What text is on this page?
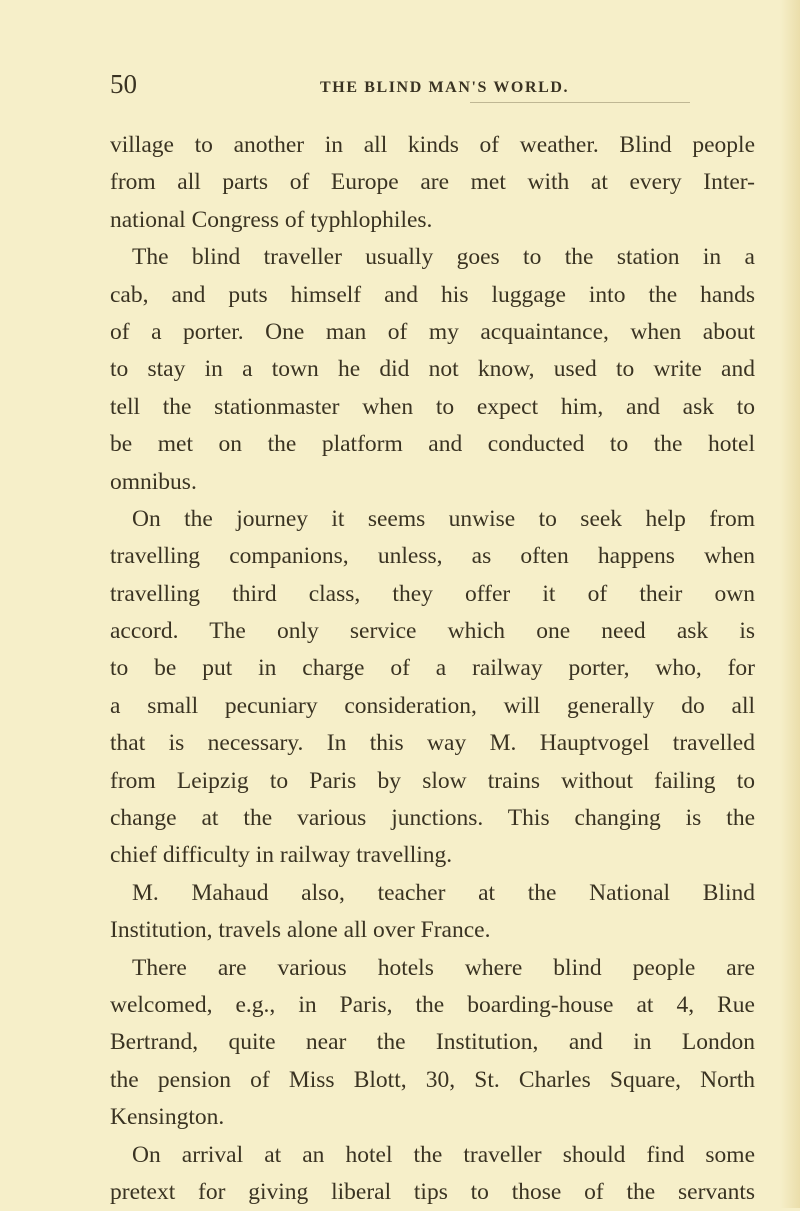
50	THE BLIND MAN'S WORLD.
village to another in all kinds of weather. Blind people
from all parts of Europe are met with at every Inter-
national Congress of typhlophiles.
The blind traveller usually goes to the station in a
cab, and puts himself and his luggage into the hands
of a porter. One man of my acquaintance, when about
to stay in a town he did not know, used to write and
tell the stationmaster when to expect him, and ask to
be met on the platform and conducted to the hotel
omnibus.
On the journey it seems unwise to seek help from
travelling companions, unless, as often happens when
travelling third class, they offer it of their own
accord. The only service which one need ask is
to be put in charge of a railway porter, who, for
a small pecuniary consideration, will generally do all
that is necessary. In this way M. Hauptvogel travelled
from Leipzig to Paris by slow trains without failing to
change at the various junctions. This changing is the
chief difficulty in railway travelling.
M. Mahaud also, teacher at the National Blind
Institution, travels alone all over France.
There are various hotels where blind people are
welcomed, e.g., in Paris, the boarding-house at 4, Rue
Bertrand, quite near the Institution, and in London
the pension of Miss Blott, 30, St. Charles Square, North
Kensington.
On arrival at an hotel the traveller should find some
pretext for giving liberal tips to those of the servants
